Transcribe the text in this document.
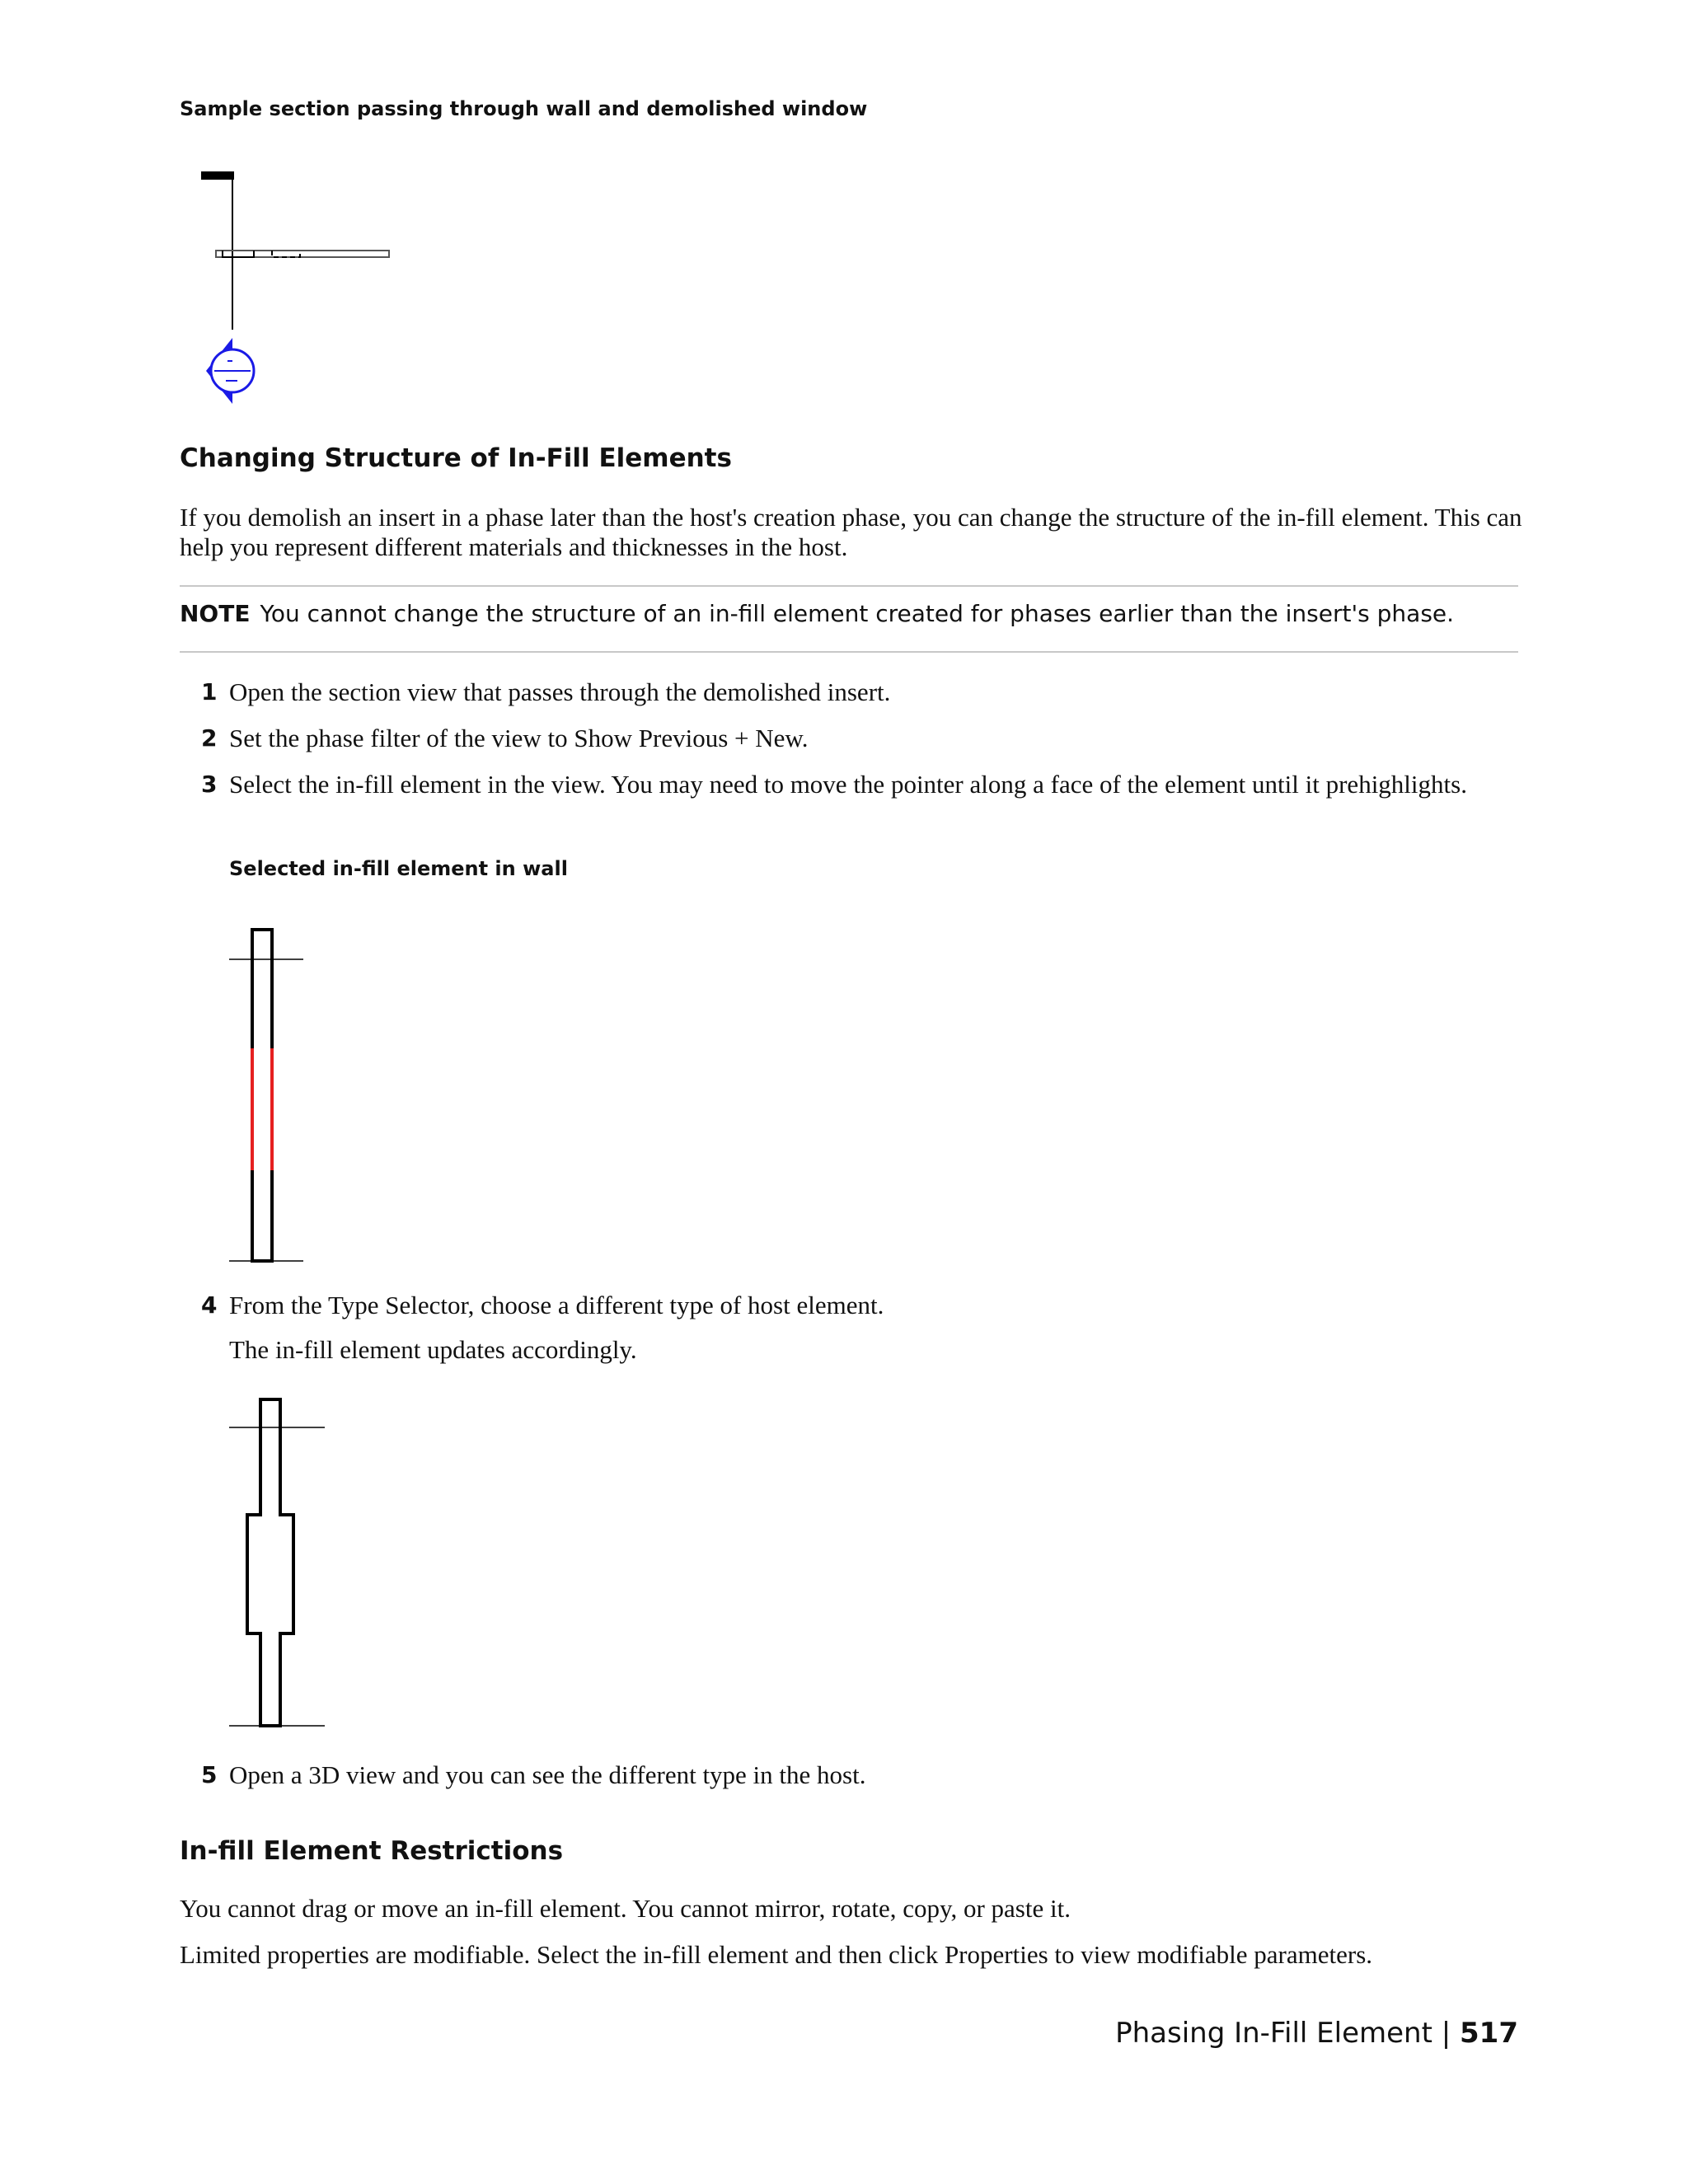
Sample section passing through wall and demolished window
Changing Structure of In-Fill Elements
If you demolish an insert in a phase later than the host's creation phase, you can change the structure of the in-fill element. This can help you represent different materials and thicknesses in the host.
NOTE You cannot change the structure of an in-fill element created for phases earlier than the insert's phase.
1 Open the section view that passes through the demolished insert.
2 Set the phase filter of the view to Show Previous + New.
3 Select the in-fill element in the view. You may need to move the pointer along a face of the element until it prehighlights.
Selected in-fill element in wall
4 From the Type Selector, choose a different type of host element.
The in-fill element updates accordingly.
5 Open a 3D view and you can see the different type in the host.
In-fill Element Restrictions
You cannot drag or move an in-fill element. You cannot mirror, rotate, copy, or paste it.
Limited properties are modifiable. Select the in-fill element and then click Properties to view modifiable parameters.
Phasing In-Fill Element | 517
